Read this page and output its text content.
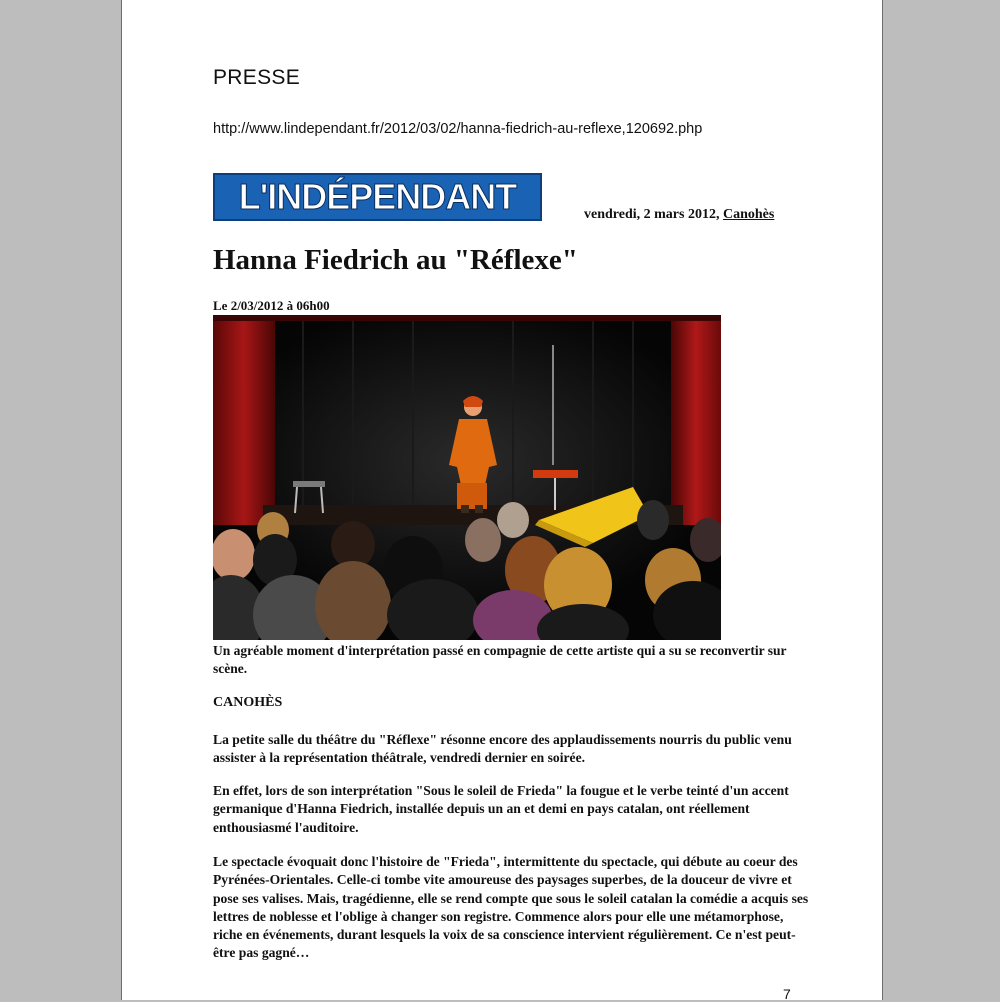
PRESSE
http://www.lindependant.fr/2012/03/02/hanna-fiedrich-au-reflexe,120692.php
L'INDÉPENDANT	vendredi, 2 mars 2012, Canohès
Hanna Fiedrich au "Réflexe"
Le 2/03/2012 à 06h00
Un agréable moment d'interprétation passé en compagnie de cette artiste qui a su se reconvertir sur scène.
CANOHÈS
La petite salle du théâtre du "Réflexe" résonne encore des applaudissements nourris du public venu assister à la représentation théâtrale, vendredi dernier en soirée.
En effet, lors de son interprétation "Sous le soleil de Frieda" la fougue et le verbe teinté d'un accent germanique d'Hanna Fiedrich, installée depuis un an et demi en pays catalan, ont réellement enthousiasmé l'auditoire.
Le spectacle évoquait donc l'histoire de "Frieda", intermittente du spectacle, qui débute au coeur des Pyrénées-Orientales. Celle-ci tombe vite amoureuse des paysages superbes, de la douceur de vivre et pose ses valises. Mais, tragédienne, elle se rend compte que sous le soleil catalan la comédie a acquis ses lettres de noblesse et l'oblige à changer son registre. Commence alors pour elle une métamorphose, riche en événements, durant lesquels la voix de sa conscience intervient régulièrement. Ce n'est peut-être pas gagné…
7
